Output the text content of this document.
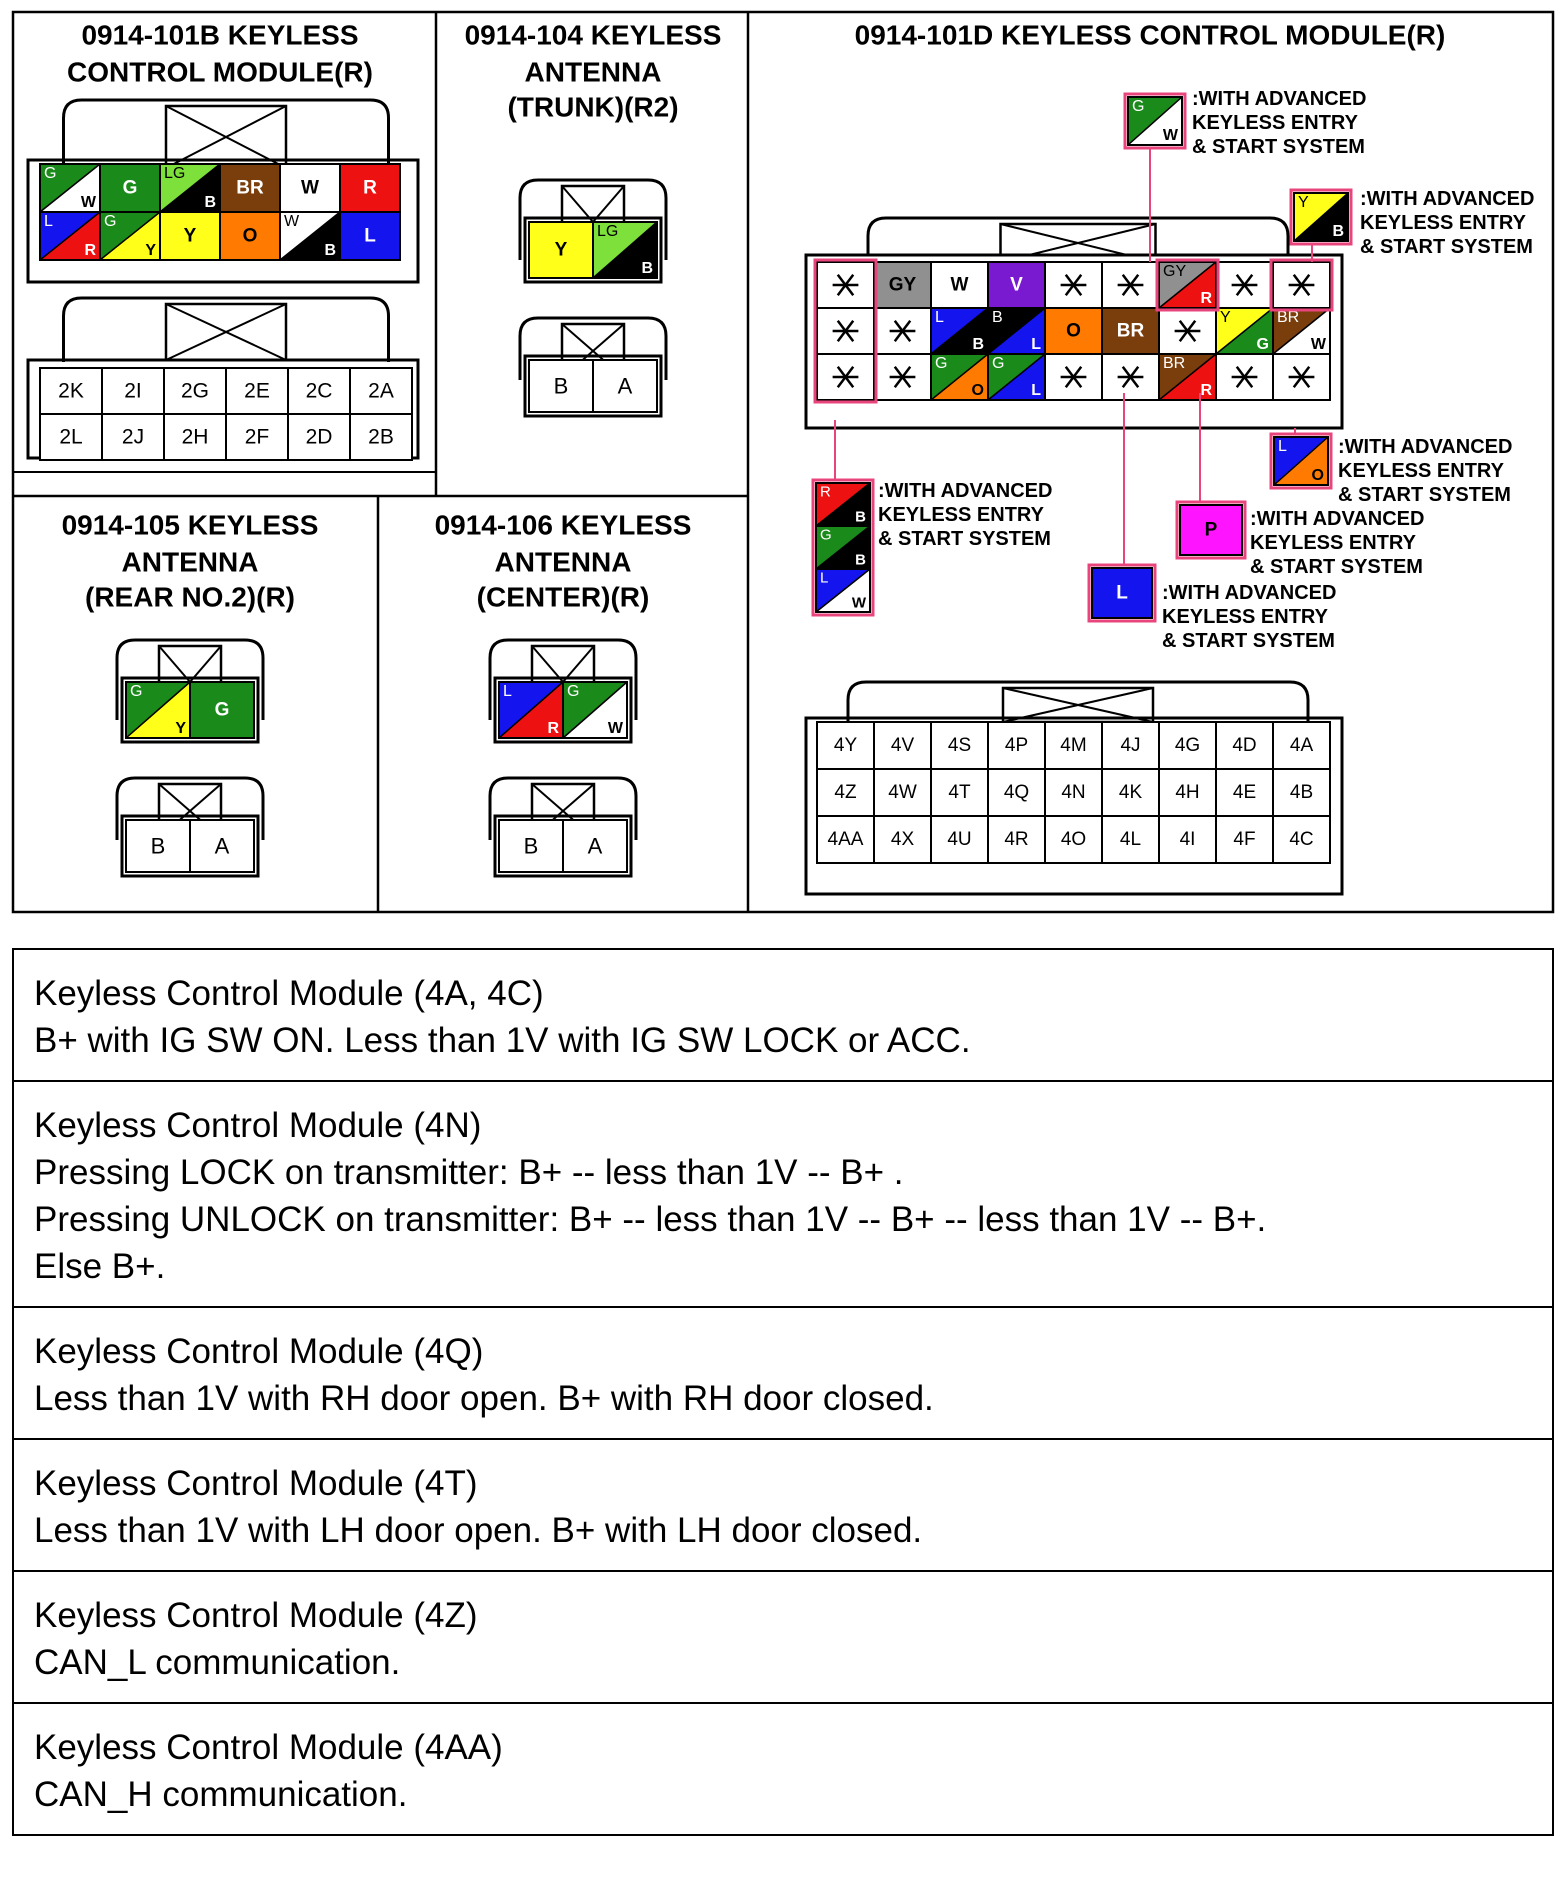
0914-101B KEYLESS
CONTROL MODULE(R)
G
W
G
LG
B
BR W R
L
R
G
Y
Y O
W
B
L
2K 2I 2G 2E 2C 2A
2L 2J 2H 2F 2D 2B
0914-104 KEYLESS
ANTENNA
(TRUNK)(R2)
Y
LG
B
B A
0914-105 KEYLESS
ANTENNA
(REAR NO.2)(R)
G
Y
G
B A
0914-106 KEYLESS
ANTENNA
(CENTER)(R)
L
R
G
W
B A
0914-101D KEYLESS CONTROL MODULE(R)
GY W V
GY
R
L
B
B
L
O BR
Y
G
BR
W
G
O
G
L
BR
R
G
W
:WITH ADVANCED
KEYLESS ENTRY
& START SYSTEM
Y
B
:WITH ADVANCED
KEYLESS ENTRY
& START SYSTEM
L
O
:WITH ADVANCED
KEYLESS ENTRY
& START SYSTEM
P :WITH ADVANCED
KEYLESS ENTRY
& START SYSTEM
L :WITH ADVANCED
KEYLESS ENTRY
& START SYSTEM
R
B
G
B
L
W
:WITH ADVANCED
KEYLESS ENTRY
& START SYSTEM
4Y 4V 4S 4P 4M 4J 4G 4D 4A
4Z 4W 4T 4Q 4N 4K 4H 4E 4B
4AA 4X 4U 4R 4O 4L 4I 4F 4C
Keyless Control Module (4A, 4C)
B+ with IG SW ON. Less than 1V with IG SW LOCK or ACC.
Keyless Control Module (4N)
Pressing LOCK on transmitter: B+ -- less than 1V -- B+ .
Pressing UNLOCK on transmitter: B+ -- less than 1V -- B+ -- less than 1V -- B+.
Else B+.
Keyless Control Module (4Q)
Less than 1V with RH door open. B+ with RH door closed.
Keyless Control Module (4T)
Less than 1V with LH door open. B+ with LH door closed.
Keyless Control Module (4Z)
CAN_L communication.
Keyless Control Module (4AA)
CAN_H communication.
